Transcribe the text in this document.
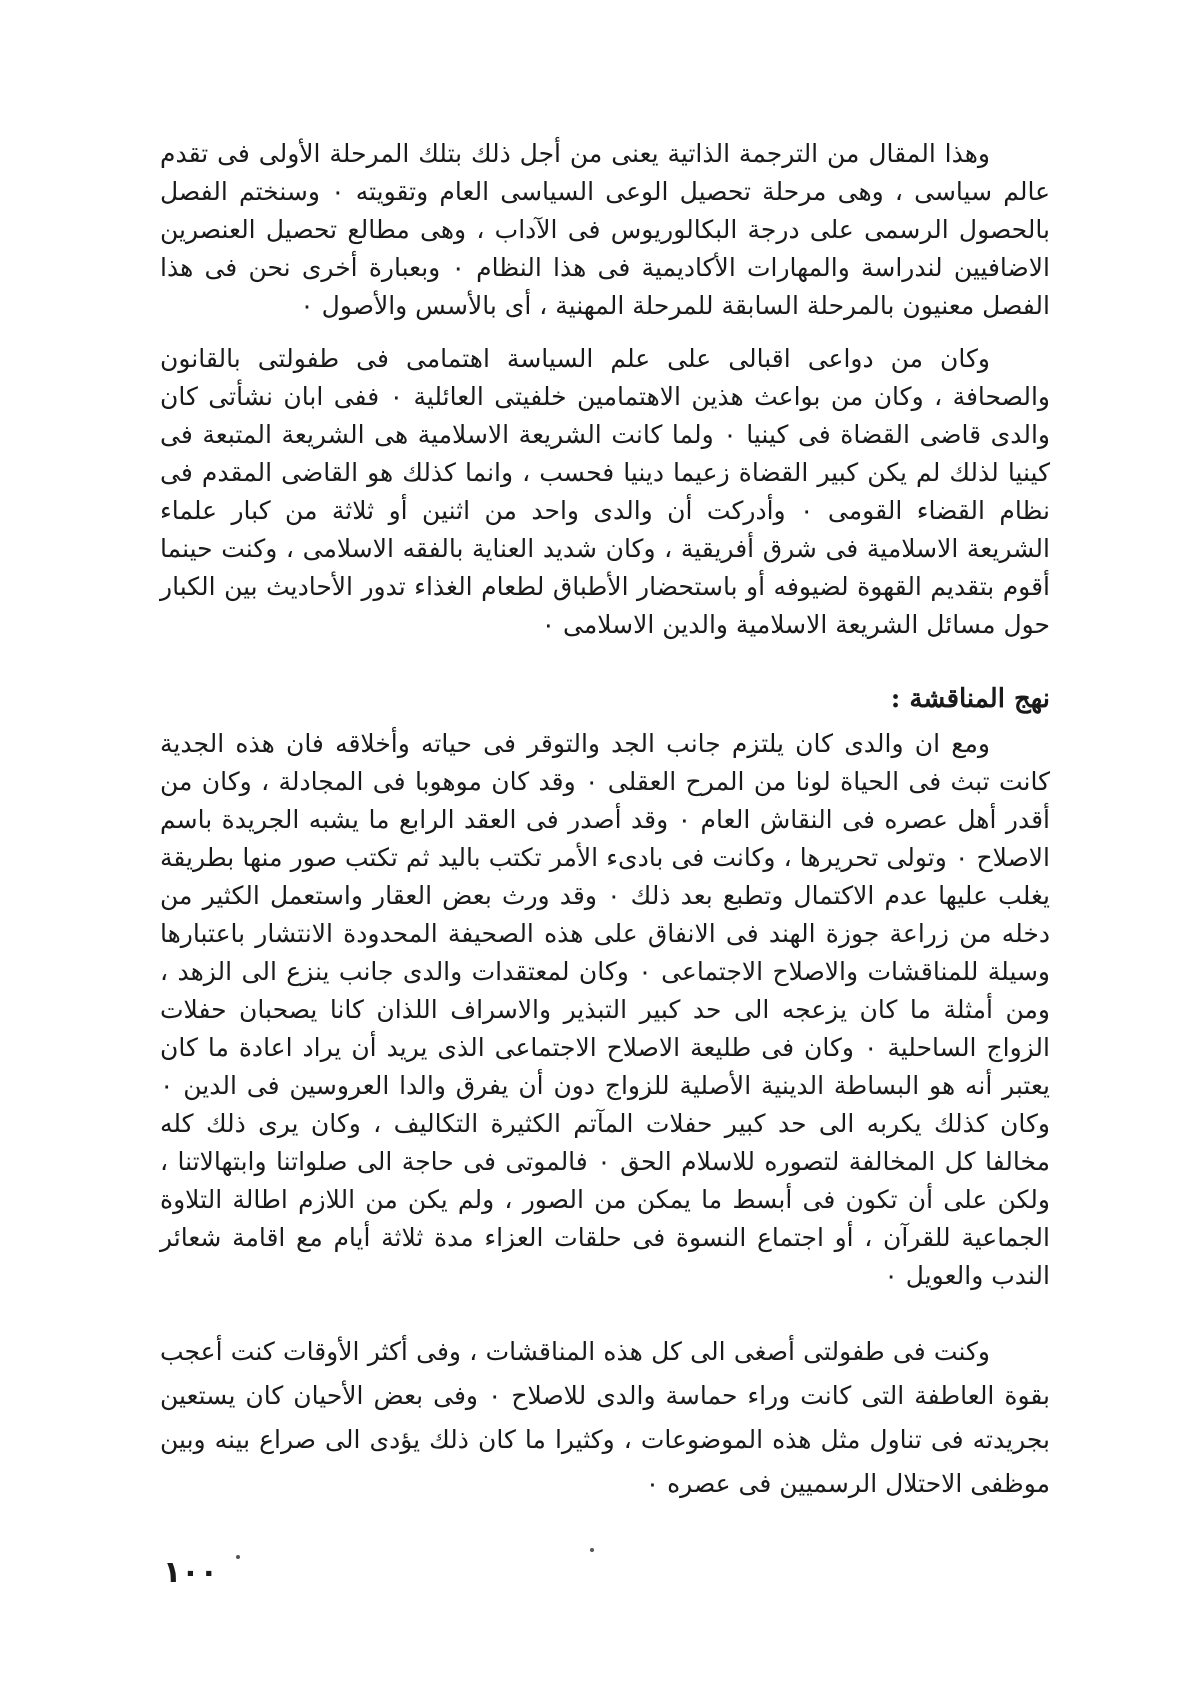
وهذا المقال من الترجمة الذاتية يعنى من أجل ذلك بتلك المرحلة الأولى فى تقدم عالم سياسى ، وهى مرحلة تحصيل الوعى السياسى العام وتقويته ٠ وسنختم الفصل بالحصول الرسمى على درجة البكالوريوس فى الآداب ، وهى مطالع تحصيل العنصرين الاضافيين لندراسة والمهارات الأكاديمية فى هذا النظام ٠ وبعبارة أخرى نحن فى هذا الفصل معنيون بالمرحلة السابقة للمرحلة المهنية ، أى بالأسس والأصول ٠

وكان من دواعى اقبالى على علم السياسة اهتمامى فى طفولتى بالقانون والصحافة ، وكان من بواعث هذين الاهتمامين خلفيتى العائلية ٠ ففى ابان نشأتى كان والدى قاضى القضاة فى كينيا ٠ ولما كانت الشريعة الاسلامية هى الشريعة المتبعة فى كينيا لذلك لم يكن كبير القضاة زعيما دينيا فحسب ، وانما كذلك هو القاضى المقدم فى نظام القضاء القومى ٠ وأدركت أن والدى واحد من اثنين أو ثلاثة من كبار علماء الشريعة الاسلامية فى شرق أفريقية ، وكان شديد العناية بالفقه الاسلامى ، وكنت حينما أقوم بتقديم القهوة لضيوفه أو باستحضار الأطباق لطعام الغذاء تدور الأحاديث بين الكبار حول مسائل الشريعة الاسلامية والدين الاسلامى ٠

نهج المناقشة :

ومع ان والدى كان يلتزم جانب الجد والتوقر فى حياته وأخلاقه فان هذه الجدية كانت تبث فى الحياة لونا من المرح العقلى ٠ وقد كان موهوبا فى المجادلة ، وكان من أقدر أهل عصره فى النقاش العام ٠ وقد أصدر فى العقد الرابع ما يشبه الجريدة باسم الاصلاح ٠ وتولى تحريرها ، وكانت فى بادىء الأمر تكتب باليد ثم تكتب صور منها بطريقة يغلب عليها عدم الاكتمال وتطبع بعد ذلك ٠ وقد ورث بعض العقار واستعمل الكثير من دخله من زراعة جوزة الهند فى الانفاق على هذه الصحيفة المحدودة الانتشار باعتبارها وسيلة للمناقشات والاصلاح الاجتماعى ٠ وكان لمعتقدات والدى جانب ينزع الى الزهد ، ومن أمثلة ما كان يزعجه الى حد كبير التبذير والاسراف اللذان كانا يصحبان حفلات الزواج الساحلية ٠ وكان فى طليعة الاصلاح الاجتماعى الذى يريد أن يراد اعادة ما كان يعتبر أنه هو البساطة الدينية الأصلية للزواج دون أن يفرق والدا العروسين فى الدين ٠ وكان كذلك يكربه الى حد كبير حفلات المآتم الكثيرة التكاليف ، وكان يرى ذلك كله مخالفا كل المخالفة لتصوره للاسلام الحق ٠ فالموتى فى حاجة الى صلواتنا وابتهالاتنا ، ولكن على أن تكون فى أبسط ما يمكن من الصور ، ولم يكن من اللازم اطالة التلاوة الجماعية للقرآن ، أو اجتماع النسوة فى حلقات العزاء مدة ثلاثة أيام مع اقامة شعائر الندب والعويل ٠

وكنت فى طفولتى أصغى الى كل هذه المناقشات ، وفى أكثر الأوقات كنت أعجب بقوة العاطفة التى كانت وراء حماسة والدى للاصلاح ٠ وفى بعض الأحيان كان يستعين بجريدته فى تناول مثل هذه الموضوعات ، وكثيرا ما كان ذلك يؤدى الى صراع بينه وبين موظفى الاحتلال الرسميين فى عصره ٠

١٠٠
